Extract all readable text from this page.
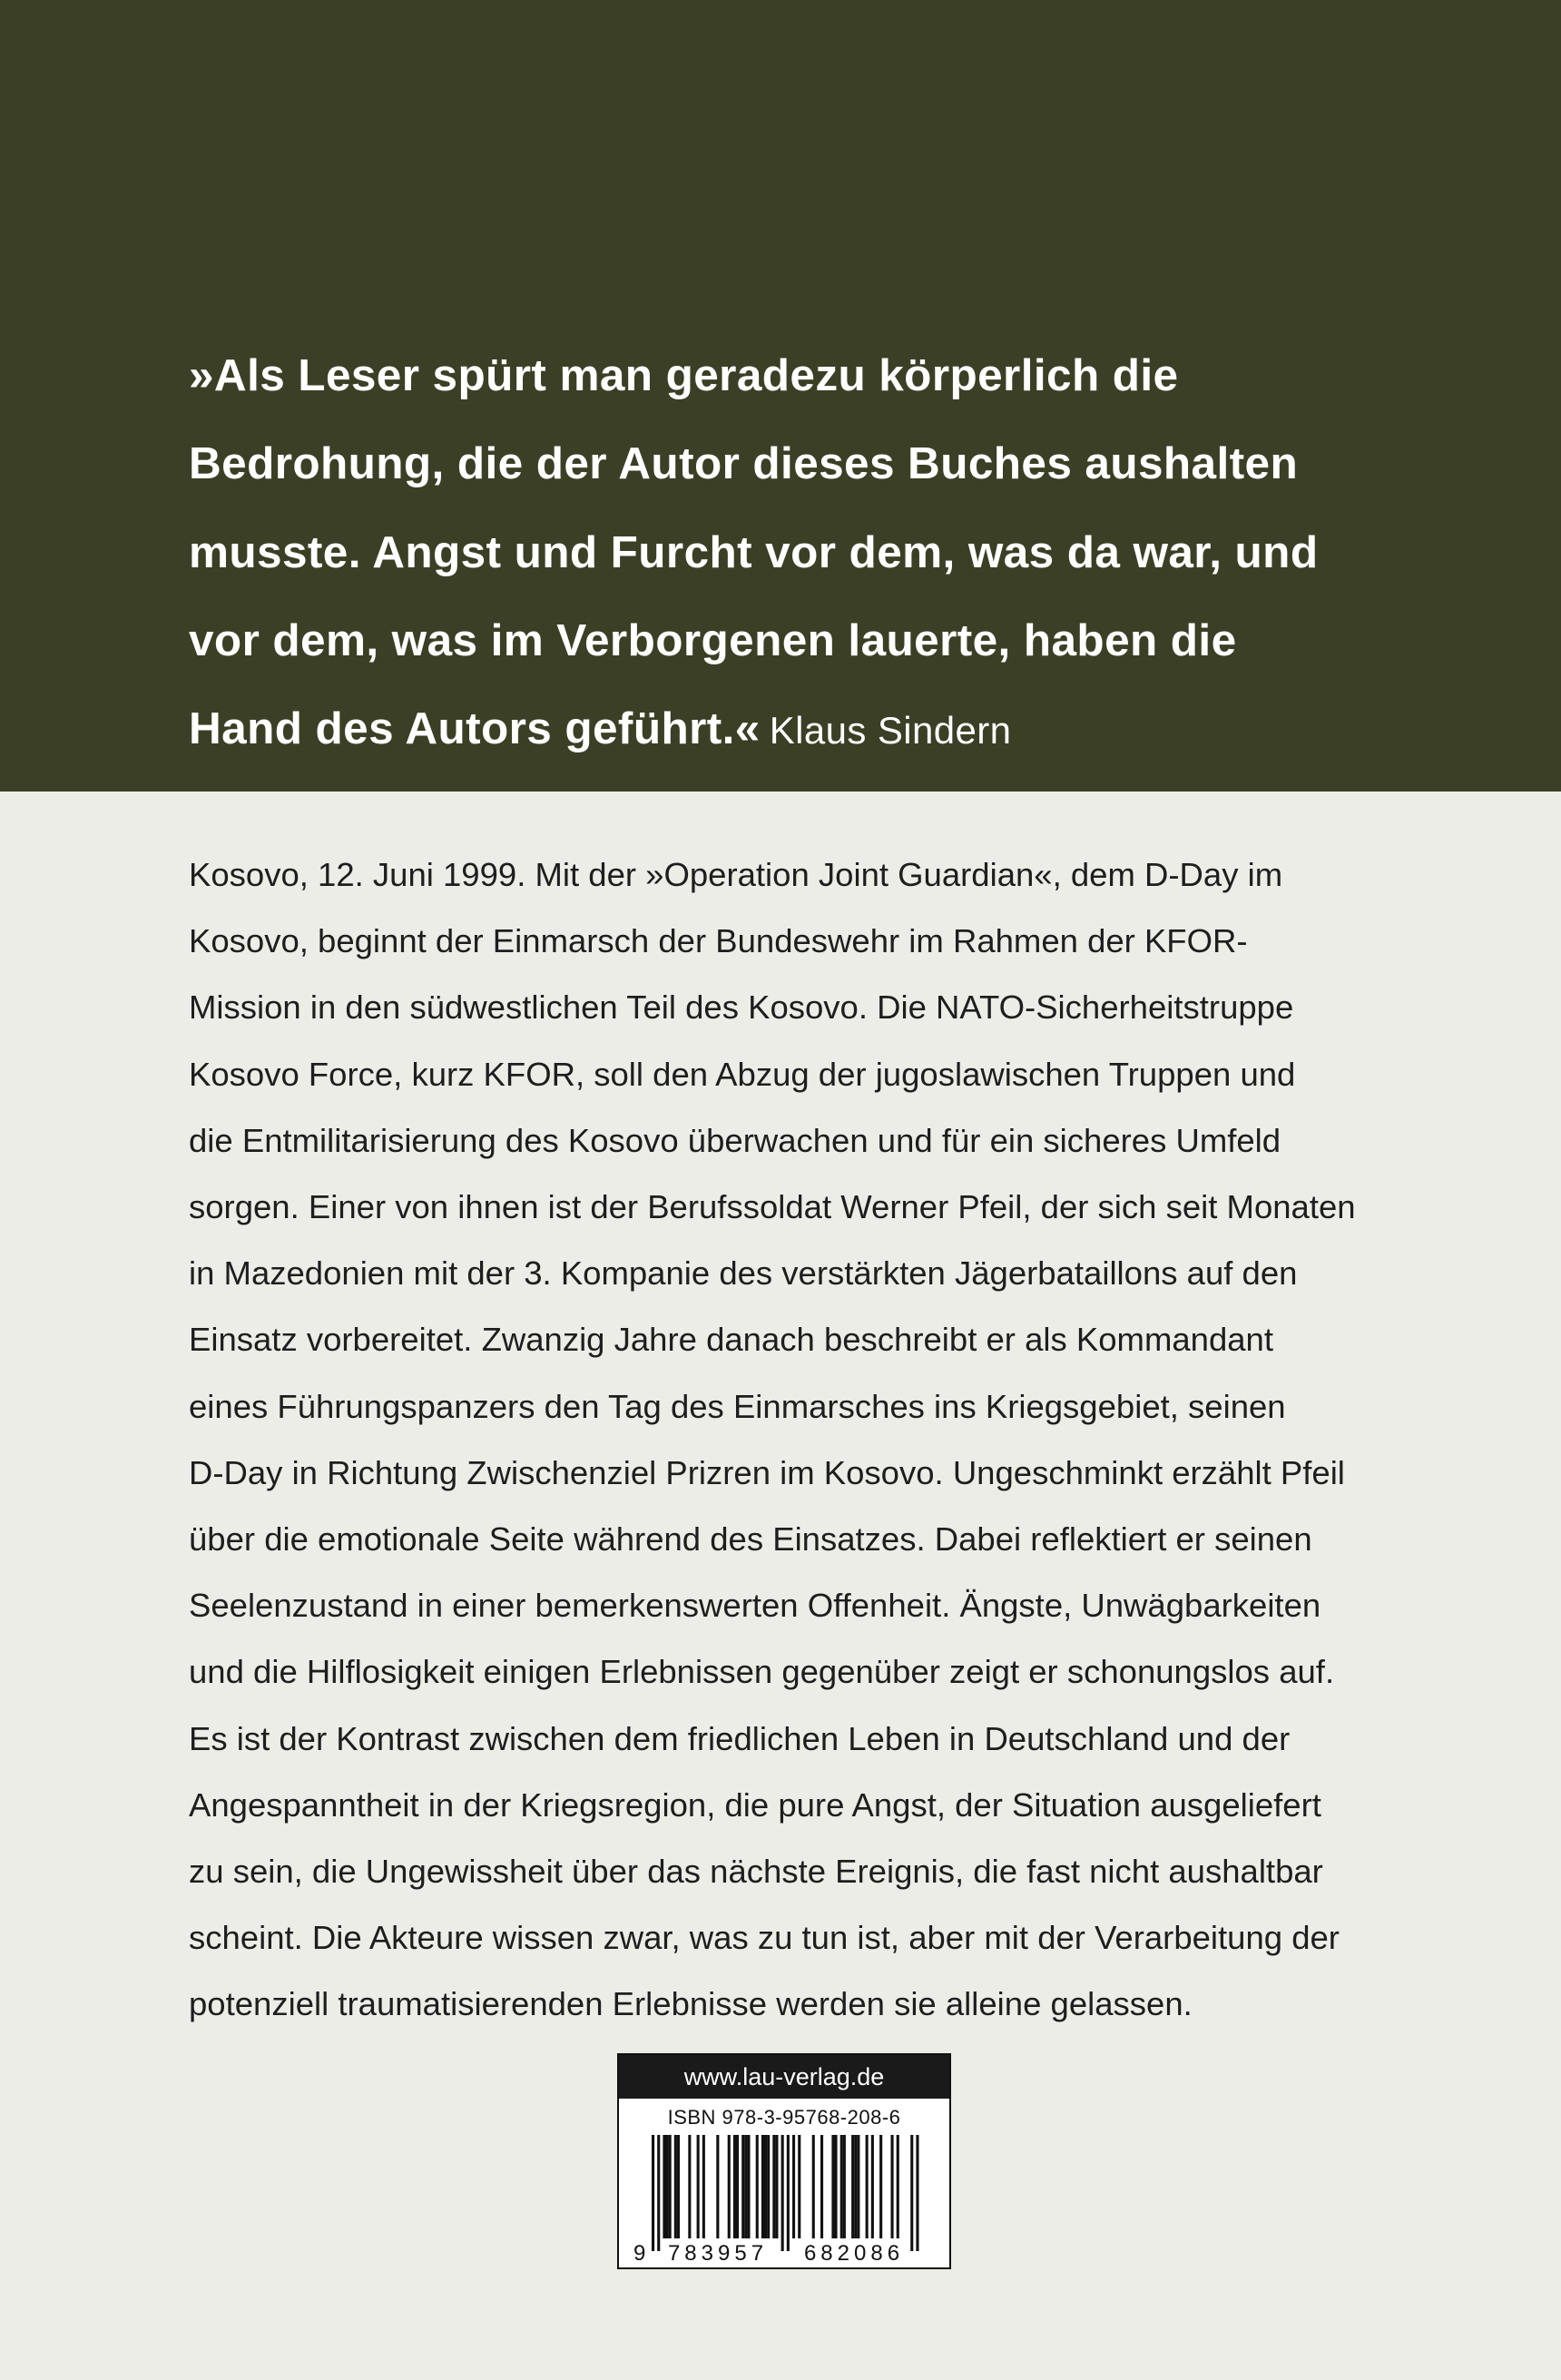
»Als Leser spürt man geradezu körperlich die
Bedrohung, die der Autor dieses Buches aushalten
musste. Angst und Furcht vor dem, was da war, und
vor dem, was im Verborgenen lauerte, haben die
Hand des Autors geführt.« Klaus Sindern

Kosovo, 12. Juni 1999. Mit der »Operation Joint Guardian«, dem D-Day im
Kosovo, beginnt der Einmarsch der Bundeswehr im Rahmen der KFOR-
Mission in den südwestlichen Teil des Kosovo. Die NATO-Sicherheitstruppe
Kosovo Force, kurz KFOR, soll den Abzug der jugoslawischen Truppen und
die Entmilitarisierung des Kosovo überwachen und für ein sicheres Umfeld
sorgen. Einer von ihnen ist der Berufssoldat Werner Pfeil, der sich seit Monaten
in Mazedonien mit der 3. Kompanie des verstärkten Jägerbataillons auf den
Einsatz vorbereitet. Zwanzig Jahre danach beschreibt er als Kommandant
eines Führungspanzers den Tag des Einmarsches ins Kriegsgebiet, seinen
D-Day in Richtung Zwischenziel Prizren im Kosovo. Ungeschminkt erzählt Pfeil
über die emotionale Seite während des Einsatzes. Dabei reflektiert er seinen
Seelenzustand in einer bemerkenswerten Offenheit. Ängste, Unwägbarkeiten
und die Hilflosigkeit einigen Erlebnissen gegenüber zeigt er schonungslos auf.
Es ist der Kontrast zwischen dem friedlichen Leben in Deutschland und der
Angespanntheit in der Kriegsregion, die pure Angst, der Situation ausgeliefert
zu sein, die Ungewissheit über das nächste Ereignis, die fast nicht aushaltbar
scheint. Die Akteure wissen zwar, was zu tun ist, aber mit der Verarbeitung der
potenziell traumatisierenden Erlebnisse werden sie alleine gelassen.

www.lau-verlag.de
ISBN 978-3-95768-208-6
9 783957 682086
